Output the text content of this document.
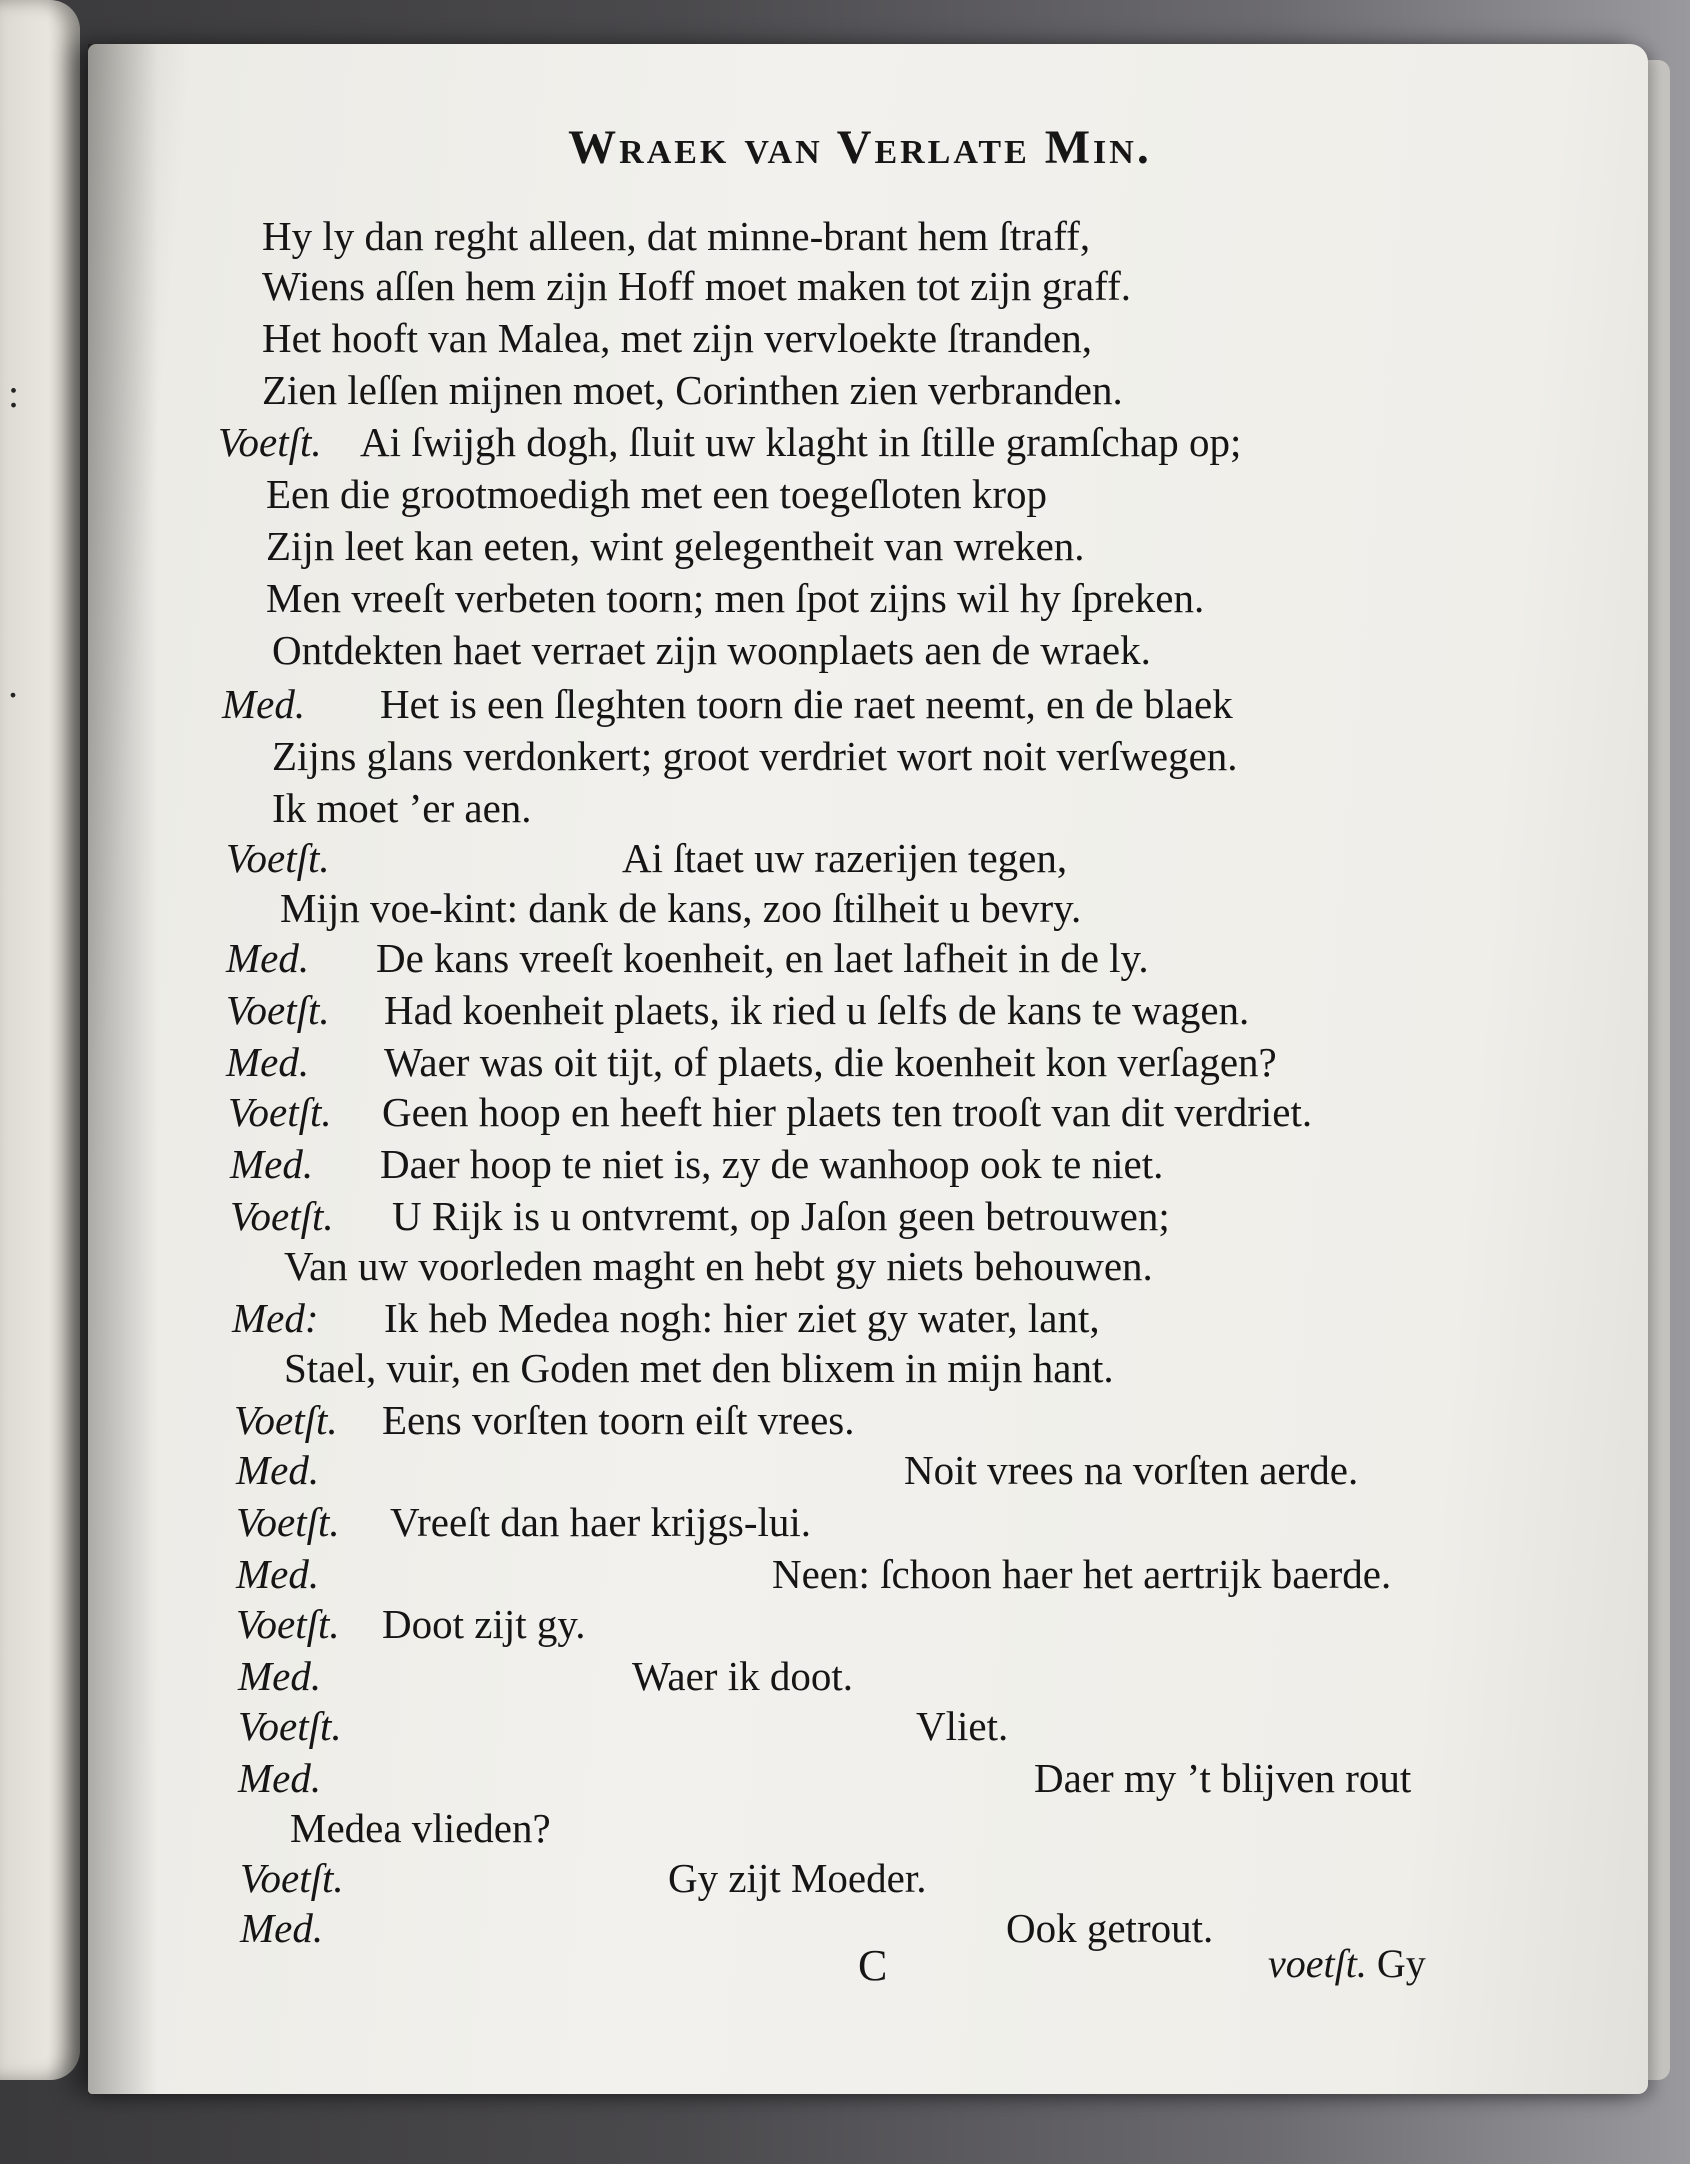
:
.
Wraek van Verlate Min.
Hy ly dan reght alleen, dat minne-brant hem ſtraff,
Wiens aſſen hem zijn Hoff moet maken tot zijn graff.
Het hooft van Malea, met zijn vervloekte ſtranden,
Zien leſſen mijnen moet, Corinthen zien verbranden.
Voetſt. Ai ſwijgh dogh, ſluit uw klaght in ſtille gramſchap op;
Een die grootmoedigh met een toegeſloten krop
Zijn leet kan eeten, wint gelegentheit van wreken.
Men vreeſt verbeten toorn; men ſpot zijns wil hy ſpreken.
Ontdekten haet verraet zijn woonplaets aen de wraek.
Med. Het is een ſleghten toorn die raet neemt, en de blaek
Zijns glans verdonkert; groot verdriet wort noit verſwegen.
Ik moet ’er aen.
Voetſt.	Ai ſtaet uw razerijen tegen,
Mijn voe-kint: dank de kans, zoo ſtilheit u bevry.
Med. De kans vreeſt koenheit, en laet lafheit in de ly.
Voetſt. Had koenheit plaets, ik ried u ſelfs de kans te wagen.
Med. Waer was oit tijt, of plaets, die koenheit kon verſagen?
Voetſt. Geen hoop en heeft hier plaets ten trooſt van dit verdriet.
Med. Daer hoop te niet is, zy de wanhoop ook te niet.
Voetſt. U Rijk is u ontvremt, op Jaſon geen betrouwen;
Van uw voorleden maght en hebt gy niets behouwen.
Med: Ik heb Medea nogh: hier ziet gy water, lant,
Stael, vuir, en Goden met den blixem in mijn hant.
Voetſt. Eens vorſten toorn eiſt vrees.
Med.	Noit vrees na vorſten aerde.
Voetſt. Vreeſt dan haer krijgs-lui.
Med.	Neen: ſchoon haer het aertrijk baerde.
Voetſt. Doot zijt gy.
Med.	Waer ik doot.
Voetſt.	Vliet.
Med.	Daer my ’t blijven rout
Medea vlieden?
Voetſt.	Gy zijt Moeder.
Med.	Ook getrout.
C	voetſt. Gy
